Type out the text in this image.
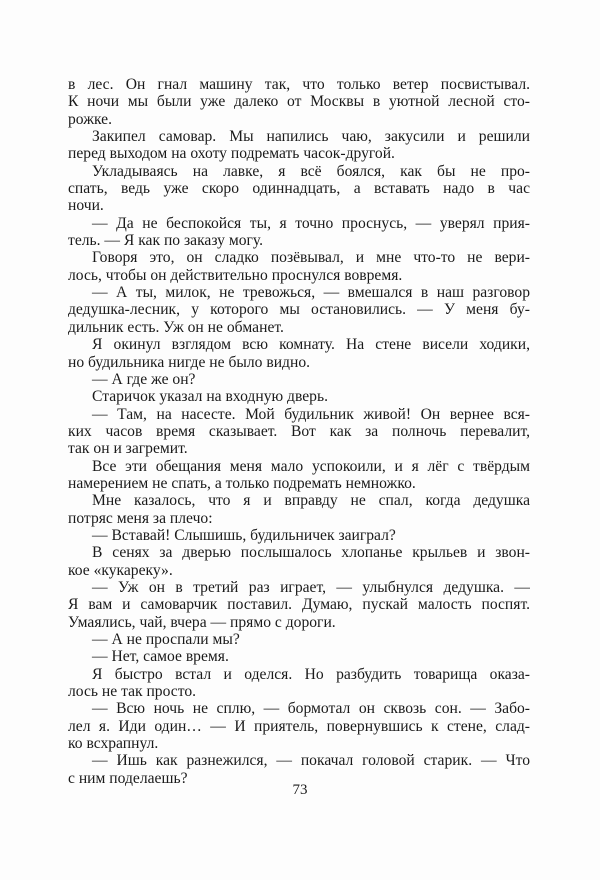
в лес. Он гнал машину так, что только ветер посвистывал.
К ночи мы были уже далеко от Москвы в уютной лесной сто-
рожке.
Закипел самовар. Мы напились чаю, закусили и решили
перед выходом на охоту подремать часок-другой.
Укладываясь на лавке, я всё боялся, как бы не про-
спать, ведь уже скоро одиннадцать, а вставать надо в час
ночи.
— Да не беспокойся ты, я точно проснусь, — уверял прия-
тель. — Я как по заказу могу.
Говоря это, он сладко позёвывал, и мне что-то не вери-
лось, чтобы он действительно проснулся вовремя.
— А ты, милок, не тревожься, — вмешался в наш разговор
дедушка-лесник, у которого мы остановились. — У меня бу-
дильник есть. Уж он не обманет.
Я окинул взглядом всю комнату. На стене висели ходики,
но будильника нигде не было видно.
— А где же он?
Старичок указал на входную дверь.
— Там, на насесте. Мой будильник живой! Он вернее вся-
ких часов время сказывает. Вот как за полночь перевалит,
так он и загремит.
Все эти обещания меня мало успокоили, и я лёг с твёрдым
намерением не спать, а только подремать немножко.
Мне казалось, что я и вправду не спал, когда дедушка
потряс меня за плечо:
— Вставай! Слышишь, будильничек заиграл?
В сенях за дверью послышалось хлопанье крыльев и звон-
кое «кукареку».
— Уж он в третий раз играет, — улыбнулся дедушка. —
Я вам и самоварчик поставил. Думаю, пускай малость поспят.
Умаялись, чай, вчера — прямо с дороги.
— А не проспали мы?
— Нет, самое время.
Я быстро встал и оделся. Но разбудить товарища оказа-
лось не так просто.
— Всю ночь не сплю, — бормотал он сквозь сон. — Забо-
лел я. Иди один… — И приятель, повернувшись к стене, слад-
ко всхрапнул.
— Ишь как разнежился, — покачал головой старик. — Что
с ним поделаешь?
73
